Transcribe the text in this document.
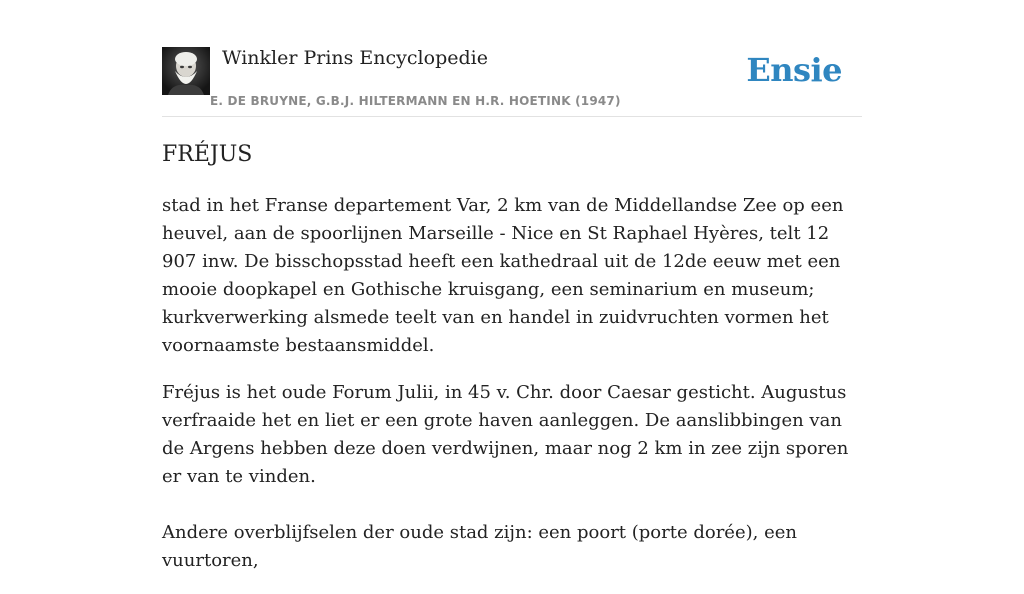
Winkler Prins Encyclopedie
E. DE BRUYNE, G.B.J. HILTERMANN EN H.R. HOETINK (1947)
Ensie
FRÉJUS

stad in het Franse departement Var, 2 km van de Middellandse Zee op een heuvel, aan de spoorlijnen Marseille - Nice en St Raphael Hyères, telt 12 907 inw. De bisschopsstad heeft een kathedraal uit de 12de eeuw met een mooie doopkapel en Gothische kruisgang, een seminarium en museum; kurkverwerking alsmede teelt van en handel in zuidvruchten vormen het voornaamste bestaansmiddel.

Fréjus is het oude Forum Julii, in 45 v. Chr. door Caesar gesticht. Augustus verfraaide het en liet er een grote haven aanleggen. De aanslibbingen van de Argens hebben deze doen verdwijnen, maar nog 2 km in zee zijn sporen er van te vinden.

Andere overblijfselen der oude stad zijn: een poort (porte dorée), een vuurtoren,
